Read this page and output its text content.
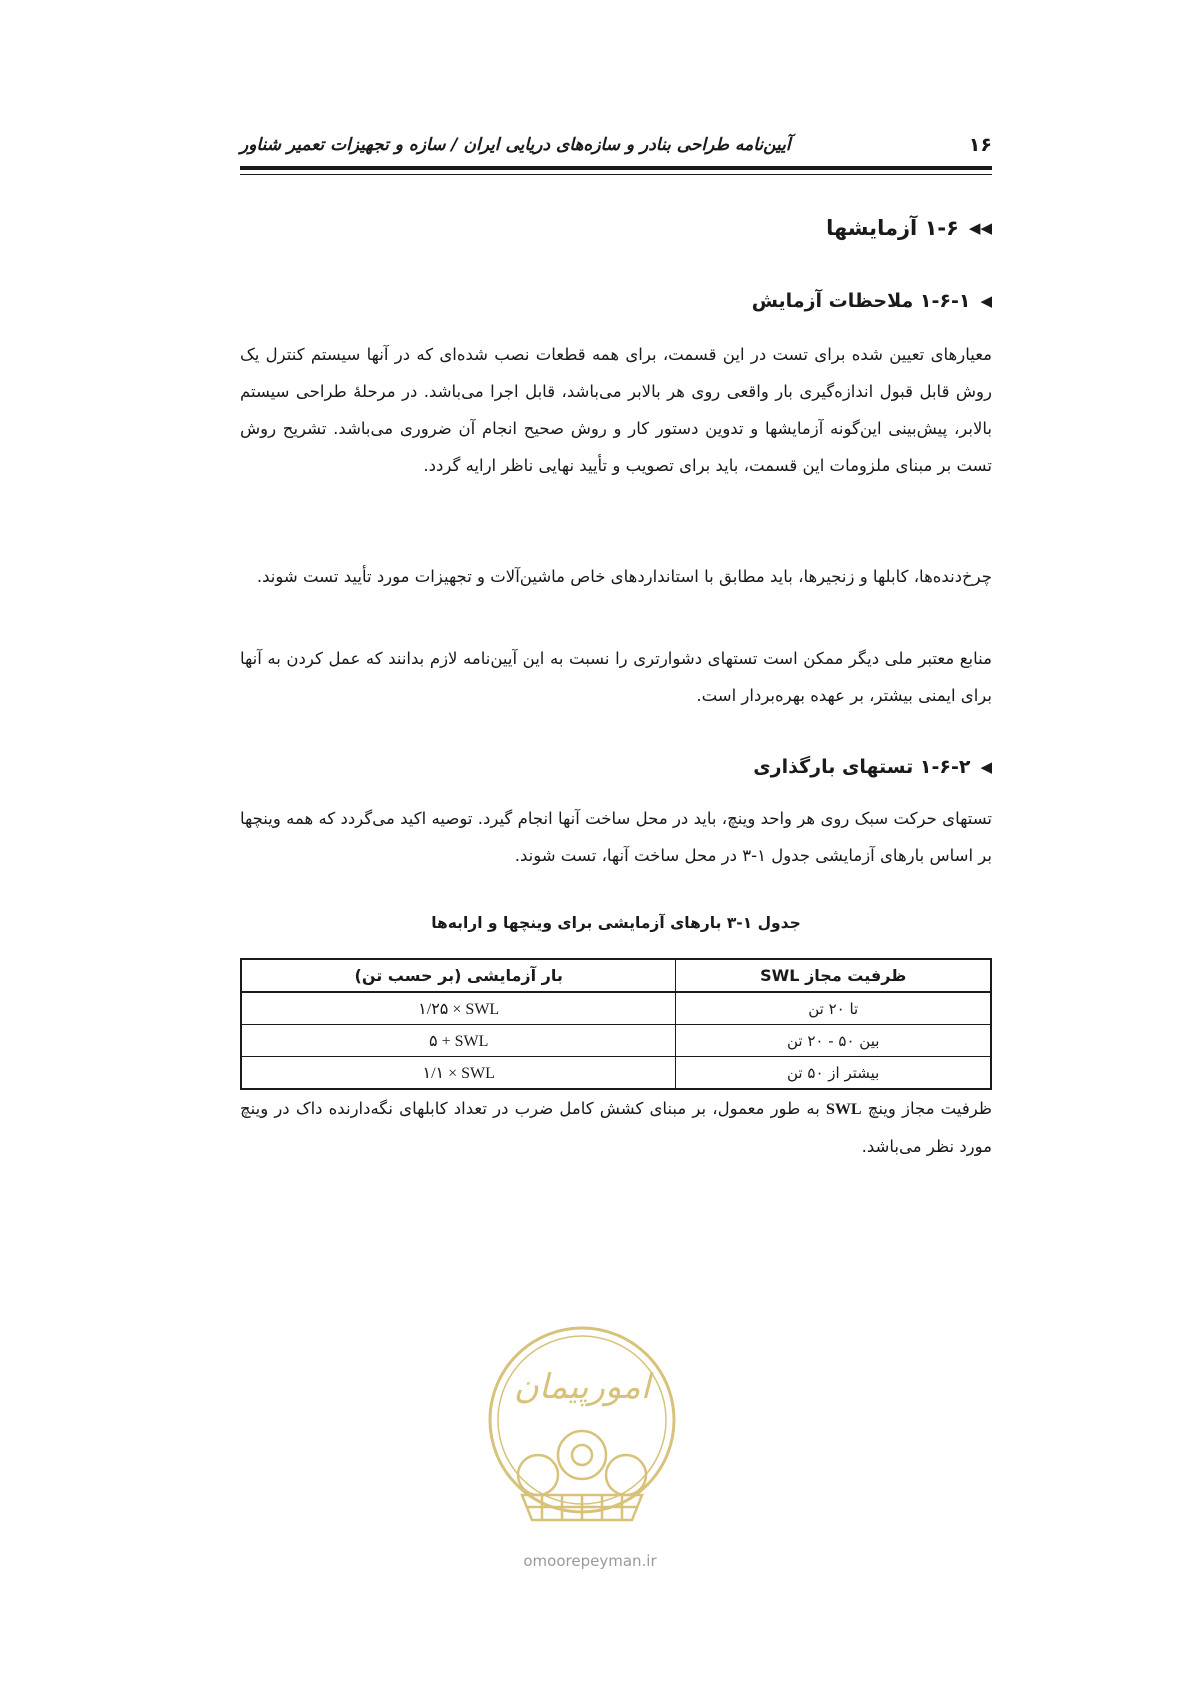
۱۶
آیین‌نامه طراحی بنادر و سازه‌های دریایی ایران / سازه و تجهیزات تعمیر شناور
◀◀
۱-۶ آزمایشها
◀
۱-۶-۱ ملاحظات آزمایش

معیارهای تعیین شده برای تست در این قسمت، برای همه قطعات نصب شده‌ای که در آنها سیستم کنترل یک روش قابل قبول اندازه‌گیری بار واقعی روی هر بالابر می‌باشد، قابل اجرا می‌باشد. در مرحلهٔ طراحی سیستم بالابر، پیش‌بینی این‌گونه آزمایشها و تدوین دستور کار و روش صحیح انجام آن ضروری می‌باشد. تشریح روش تست بر مبنای ملزومات این قسمت، باید برای تصویب و تأیید نهایی ناظر ارایه گردد.

چرخ‌دنده‌ها، کابلها و زنجیرها، باید مطابق با استانداردهای خاص ماشین‌آلات و تجهیزات مورد تأیید تست شوند.

منابع معتبر ملی دیگر ممکن است تستهای دشوارتری را نسبت به این آیین‌نامه لازم بدانند که عمل کردن به آنها برای ایمنی بیشتر، بر عهده بهره‌بردار است.

◀
۱-۶-۲ تستهای بارگذاری

تستهای حرکت سبک روی هر واحد وینچ، باید در محل ساخت آنها انجام گیرد. توصیه اکید می‌گردد که همه وینچها بر اساس بارهای آزمایشی جدول ۱-۳ در محل ساخت آنها، تست شوند.

جدول ۱-۳ بارهای آزمایشی برای وینچها و ارابه‌ها
ظرفیت مجاز SWL	بار آزمایشی (بر حسب تن)
تا ۲۰ تن	۱/۲۵ × SWL
بین ۵۰ - ۲۰ تن	۵ + SWL
بیشتر از ۵۰ تن	۱/۱ × SWL

ظرفیت مجاز وینچ SWL به طور معمول، بر مبنای کشش کامل ضرب در تعداد کابلهای نگه‌دارنده داک در وینچ مورد نظر می‌باشد.

امورپیمان
omoorepeyman.ir
